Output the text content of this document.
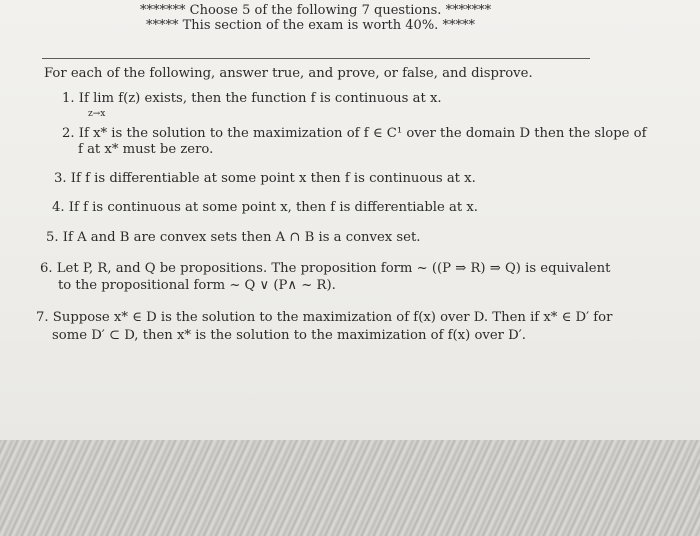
******* Choose 5 of the following 7 questions. *******
***** This section of the exam is worth 40%. *****
For each of the following, answer true, and prove, or false, and disprove.
1. If lim f(z) exists, then the function f is continuous at x.
$_{z\to x}$
2. If x* is the solution to the maximization of f ∈ C¹ over the domain D then the slope of
f at x* must be zero.
3. If f is differentiable at some point x then f is continuous at x.
4. If f is continuous at some point x, then f is differentiable at x.
5. If A and B are convex sets then A ∩ B is a convex set.
6. Let P, R, and Q be propositions. The proposition form ~ ((P ⇒ R) ⇒ Q) is equivalent
to the propositional form ~ Q ∨ (P∧ ~ R).
7. Suppose x* ∈ D is the solution to the maximization of f(x) over D. Then if x* ∈ D′ for
some D′ ⊂ D, then x* is the solution to the maximization of f(x) over D′.
